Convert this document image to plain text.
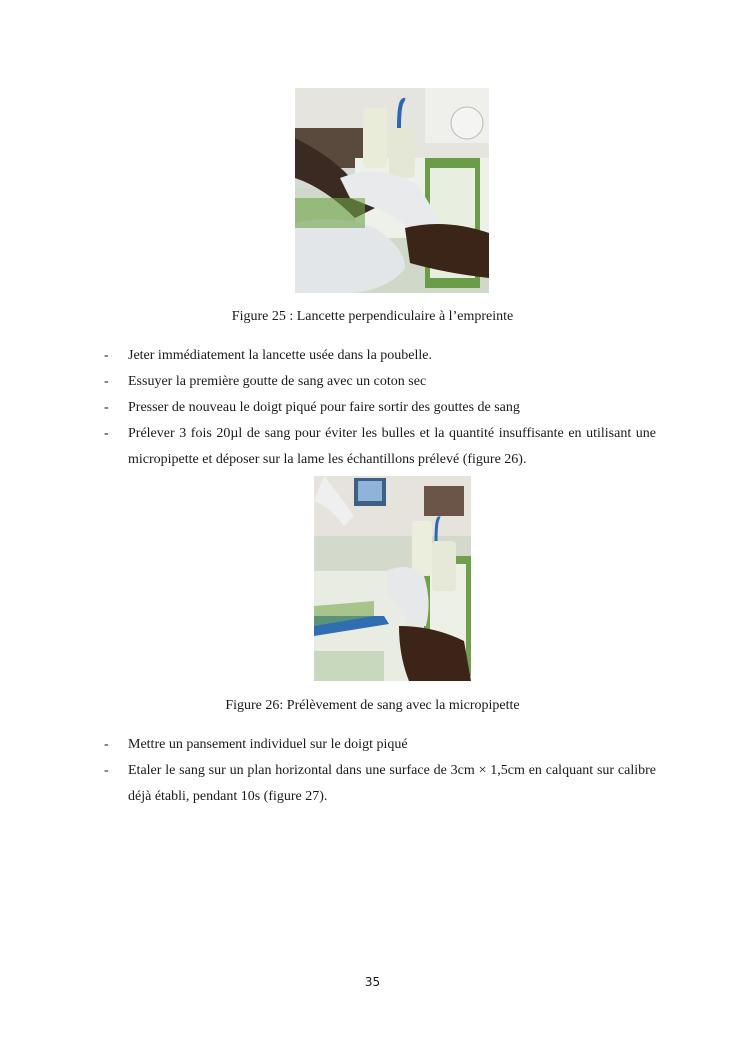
Figure 25 : Lancette perpendiculaire à l’empreinte
- Jeter immédiatement la lancette usée dans la poubelle.
- Essuyer la première goutte de sang avec un coton sec
- Presser de nouveau le doigt piqué pour faire sortir des gouttes de sang
- Prélever 3 fois 20µl de sang pour éviter les bulles et la quantité insuffisante en utilisant une micropipette et déposer sur la lame les échantillons prélevé (figure 26).
Figure 26: Prélèvement de sang avec la micropipette
- Mettre un pansement individuel sur le doigt piqué
- Etaler le sang sur un plan horizontal dans une surface de 3cm × 1,5cm en calquant sur calibre déjà établi, pendant 10s (figure 27).
35
